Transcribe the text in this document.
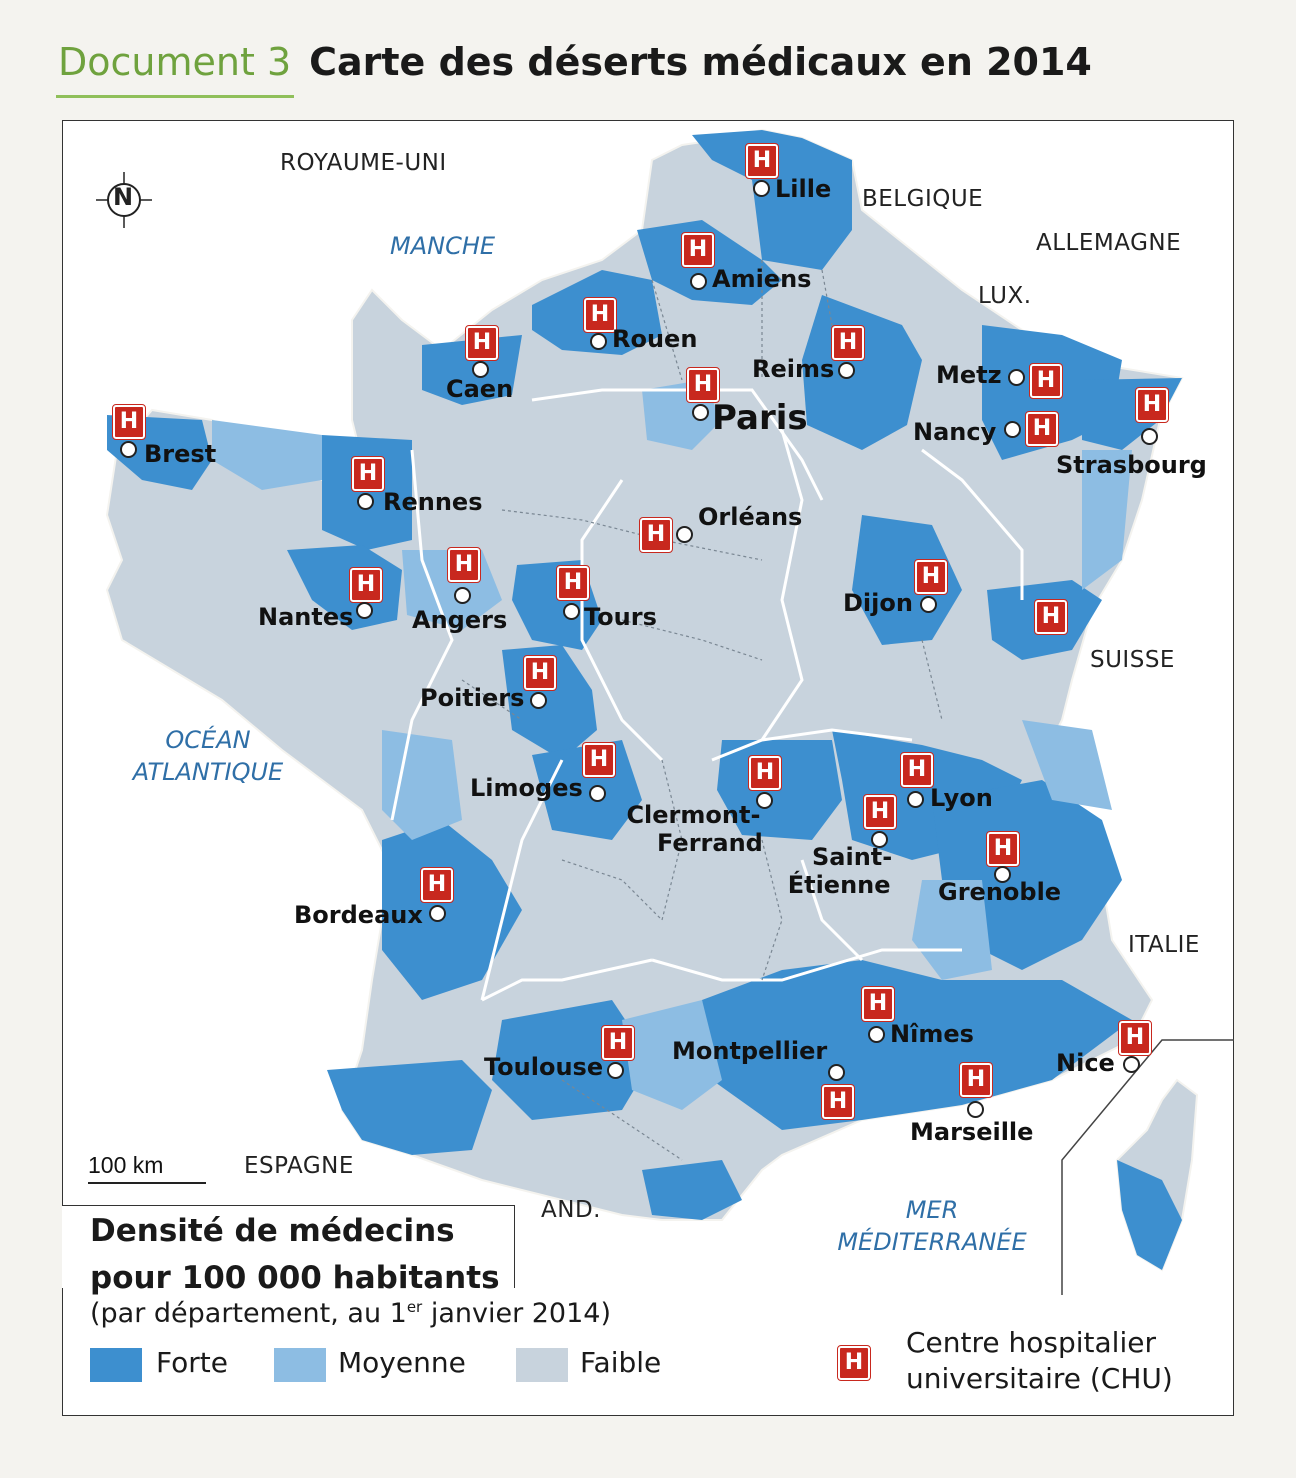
Document 3 Carte des déserts médicaux en 2014
N
ROYAUME-UNI
BELGIQUE
ALLEMAGNE
LUX.
SUISSE
ITALIE
ESPAGNE
AND.
MANCHE
OCÉAN
ATLANTIQUE
MER
MÉDITERRANÉE
H
Lille
H
Amiens
H
Rouen
H
Caen
H
Reims
H
Paris
H
Metz
H
Nancy
H
Strasbourg
H
Brest
H
Rennes
H
Orléans
H
Nantes
H
Angers
H
Tours
H
Dijon	H
H
Poitiers
H
Limoges
H
Clermont-
Ferrand
H
Lyon
H
Saint-
Étienne
H
Grenoble
H
Bordeaux
H
Nîmes
H
Toulouse
H
Montpellier	H
Nice
H
Marseille
100 km
Densité de médecins
pour 100 000 habitants
(par département, au 1er janvier 2014)
Forte	Moyenne	Faible	H
Centre hospitalier
universitaire (CHU)
